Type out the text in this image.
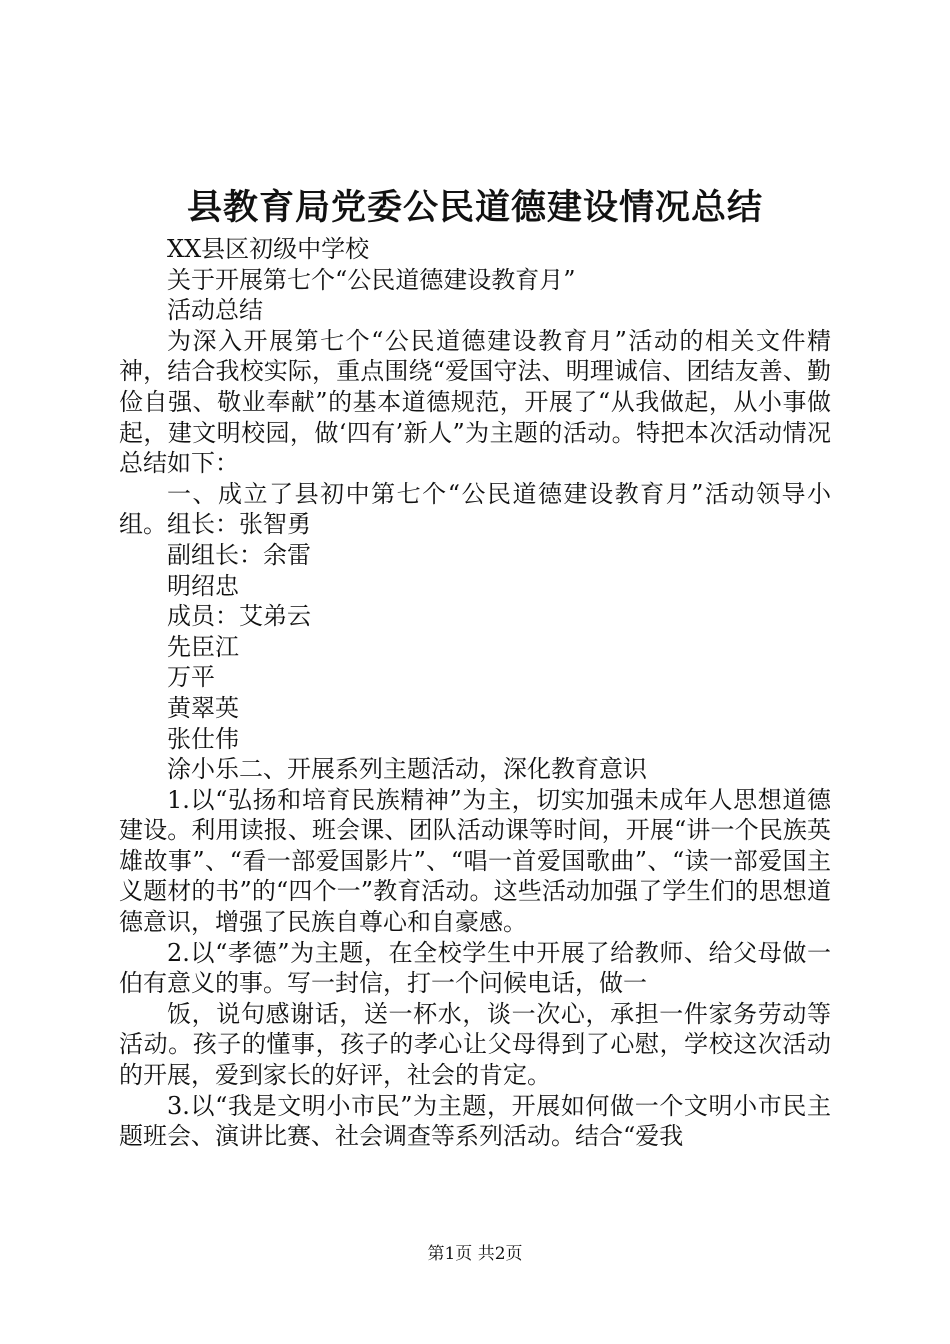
县教育局党委公民道德建设情况总结

XX县区初级中学校

关于开展第七个“公民道德建设教育月”

活动总结

为深入开展第七个“公民道德建设教育月”活动的相关文件精神，结合我校实际，重点围绕“爱国守法、明理诚信、团结友善、勤俭自强、敬业奉献”的基本道德规范，开展了“从我做起，从小事做起，建文明校园，做‘四有’新人”为主题的活动。特把本次活动情况总结如下：

一、成立了县初中第七个“公民道德建设教育月”活动领导小组。组长：张智勇

副组长：余雷

明绍忠

成员：艾弟云

先臣江

万平

黄翠英

张仕伟

涂小乐二、开展系列主题活动，深化教育意识

1.以“弘扬和培育民族精神”为主，切实加强未成年人思想道德建设。利用读报、班会课、团队活动课等时间，开展“讲一个民族英雄故事”、“看一部爱国影片”、“唱一首爱国歌曲”、“读一部爱国主义题材的书”的“四个一”教育活动。这些活动加强了学生们的思想道德意识，增强了民族自尊心和自豪感。

2.以“孝德”为主题，在全校学生中开展了给教师、给父母做一伯有意义的事。写一封信，打一个问候电话，做一

饭，说句感谢话，送一杯水，谈一次心，承担一件家务劳动等活动。孩子的懂事，孩子的孝心让父母得到了心慰，学校这次活动的开展，爱到家长的好评，社会的肯定。

3.以“我是文明小市民”为主题，开展如何做一个文明小市民主题班会、演讲比赛、社会调查等系列活动。结合“爱我

第1页 共2页
